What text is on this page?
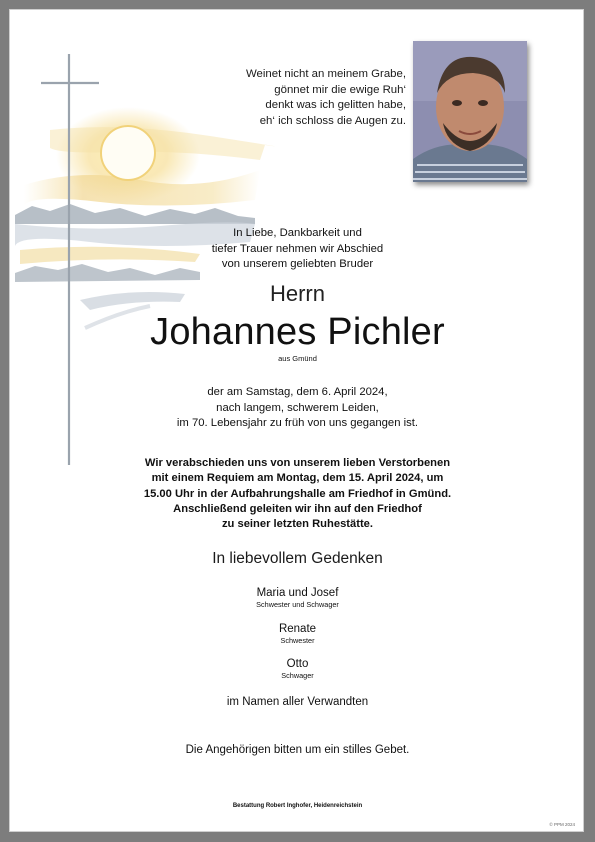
Weinet nicht an meinem Grabe,
gönnet mir die ewige Ruh‘
denkt was ich gelitten habe,
eh‘ ich schloss die Augen zu.
In Liebe, Dankbarkeit und
tiefer Trauer nehmen wir Abschied
von unserem geliebten Bruder
Herrn
Johannes Pichler
aus Gmünd
der am Samstag, dem 6. April 2024,
nach langem, schwerem Leiden,
im 70. Lebensjahr zu früh von uns gegangen ist.
Wir verabschieden uns von unserem lieben Verstorbenen
mit einem Requiem am Montag, dem 15. April 2024, um
15.00 Uhr in der Aufbahrungshalle am Friedhof in Gmünd.
Anschließend geleiten wir ihn auf den Friedhof
zu seiner letzten Ruhestätte.
In liebevollem Gedenken
Maria und Josef
Schwester und Schwager
Renate
Schwester
Otto
Schwager
im Namen aller Verwandten
Die Angehörigen bitten um ein stilles Gebet.
Bestattung Robert Inghofer, Heidenreichstein
© PPM 2024
